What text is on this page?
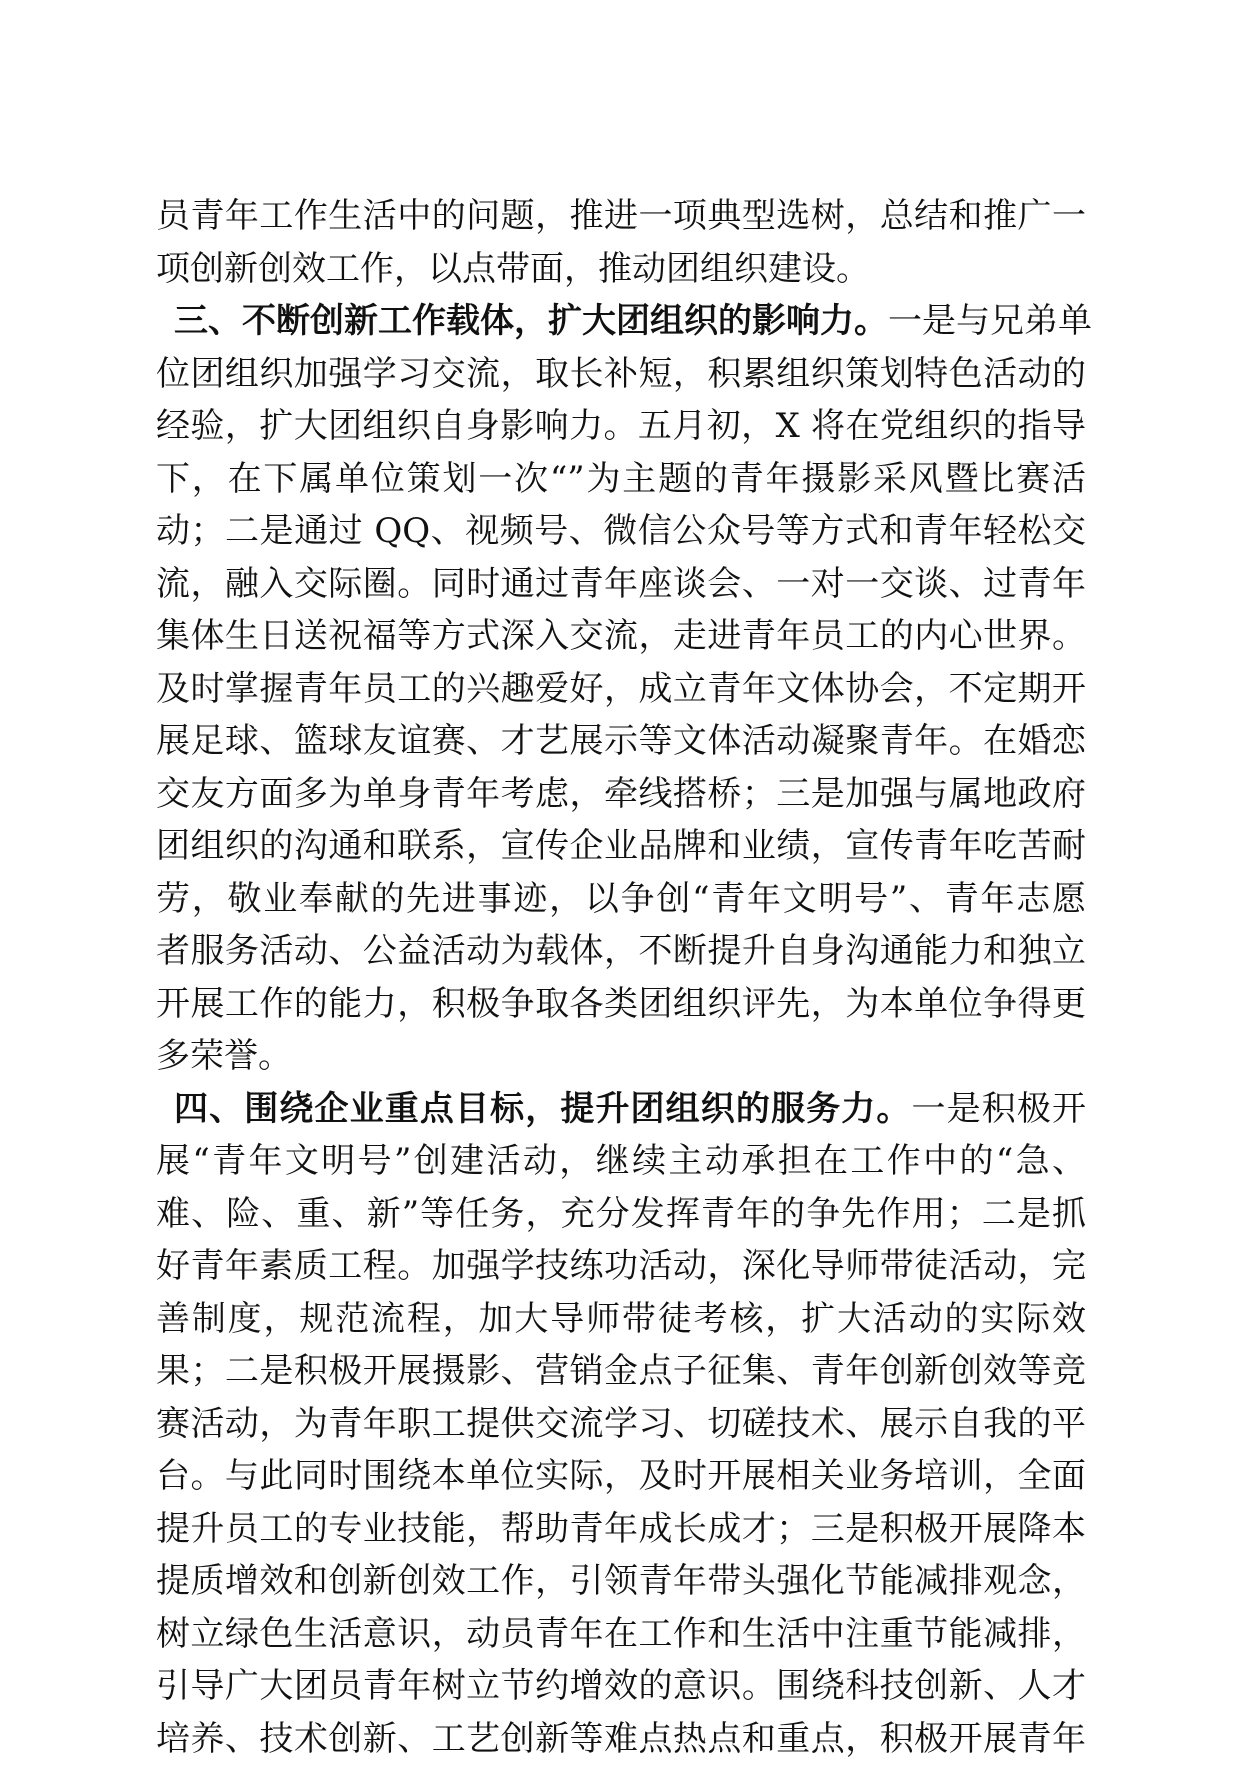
员青年工作生活中的问题，推进一项典型选树，总结和推广一
项创新创效工作，以点带面，推动团组织建设。
三、不断创新工作载体，扩大团组织的影响力。一是与兄弟单
位团组织加强学习交流，取长补短，积累组织策划特色活动的
经验，扩大团组织自身影响力。五月初，X 将在党组织的指导
下，在下属单位策划一次“”为主题的青年摄影采风暨比赛活
动；二是通过 QQ、视频号、微信公众号等方式和青年轻松交
流，融入交际圈。同时通过青年座谈会、一对一交谈、过青年
集体生日送祝福等方式深入交流，走进青年员工的内心世界。
及时掌握青年员工的兴趣爱好，成立青年文体协会，不定期开
展足球、篮球友谊赛、才艺展示等文体活动凝聚青年。在婚恋
交友方面多为单身青年考虑，牵线搭桥；三是加强与属地政府
团组织的沟通和联系，宣传企业品牌和业绩，宣传青年吃苦耐
劳，敬业奉献的先进事迹，以争创“青年文明号”、青年志愿
者服务活动、公益活动为载体，不断提升自身沟通能力和独立
开展工作的能力，积极争取各类团组织评先，为本单位争得更
多荣誉。
四、围绕企业重点目标，提升团组织的服务力。一是积极开
展“青年文明号”创建活动，继续主动承担在工作中的“急、
难、险、重、新”等任务，充分发挥青年的争先作用；二是抓
好青年素质工程。加强学技练功活动，深化导师带徒活动，完
善制度，规范流程，加大导师带徒考核，扩大活动的实际效
果；二是积极开展摄影、营销金点子征集、青年创新创效等竞
赛活动，为青年职工提供交流学习、切磋技术、展示自我的平
台。与此同时围绕本单位实际，及时开展相关业务培训，全面
提升员工的专业技能，帮助青年成长成才；三是积极开展降本
提质增效和创新创效工作，引领青年带头强化节能减排观念，
树立绿色生活意识，动员青年在工作和生活中注重节能减排，
引导广大团员青年树立节约增效的意识。围绕科技创新、人才
培养、技术创新、工艺创新等难点热点和重点，积极开展青年
